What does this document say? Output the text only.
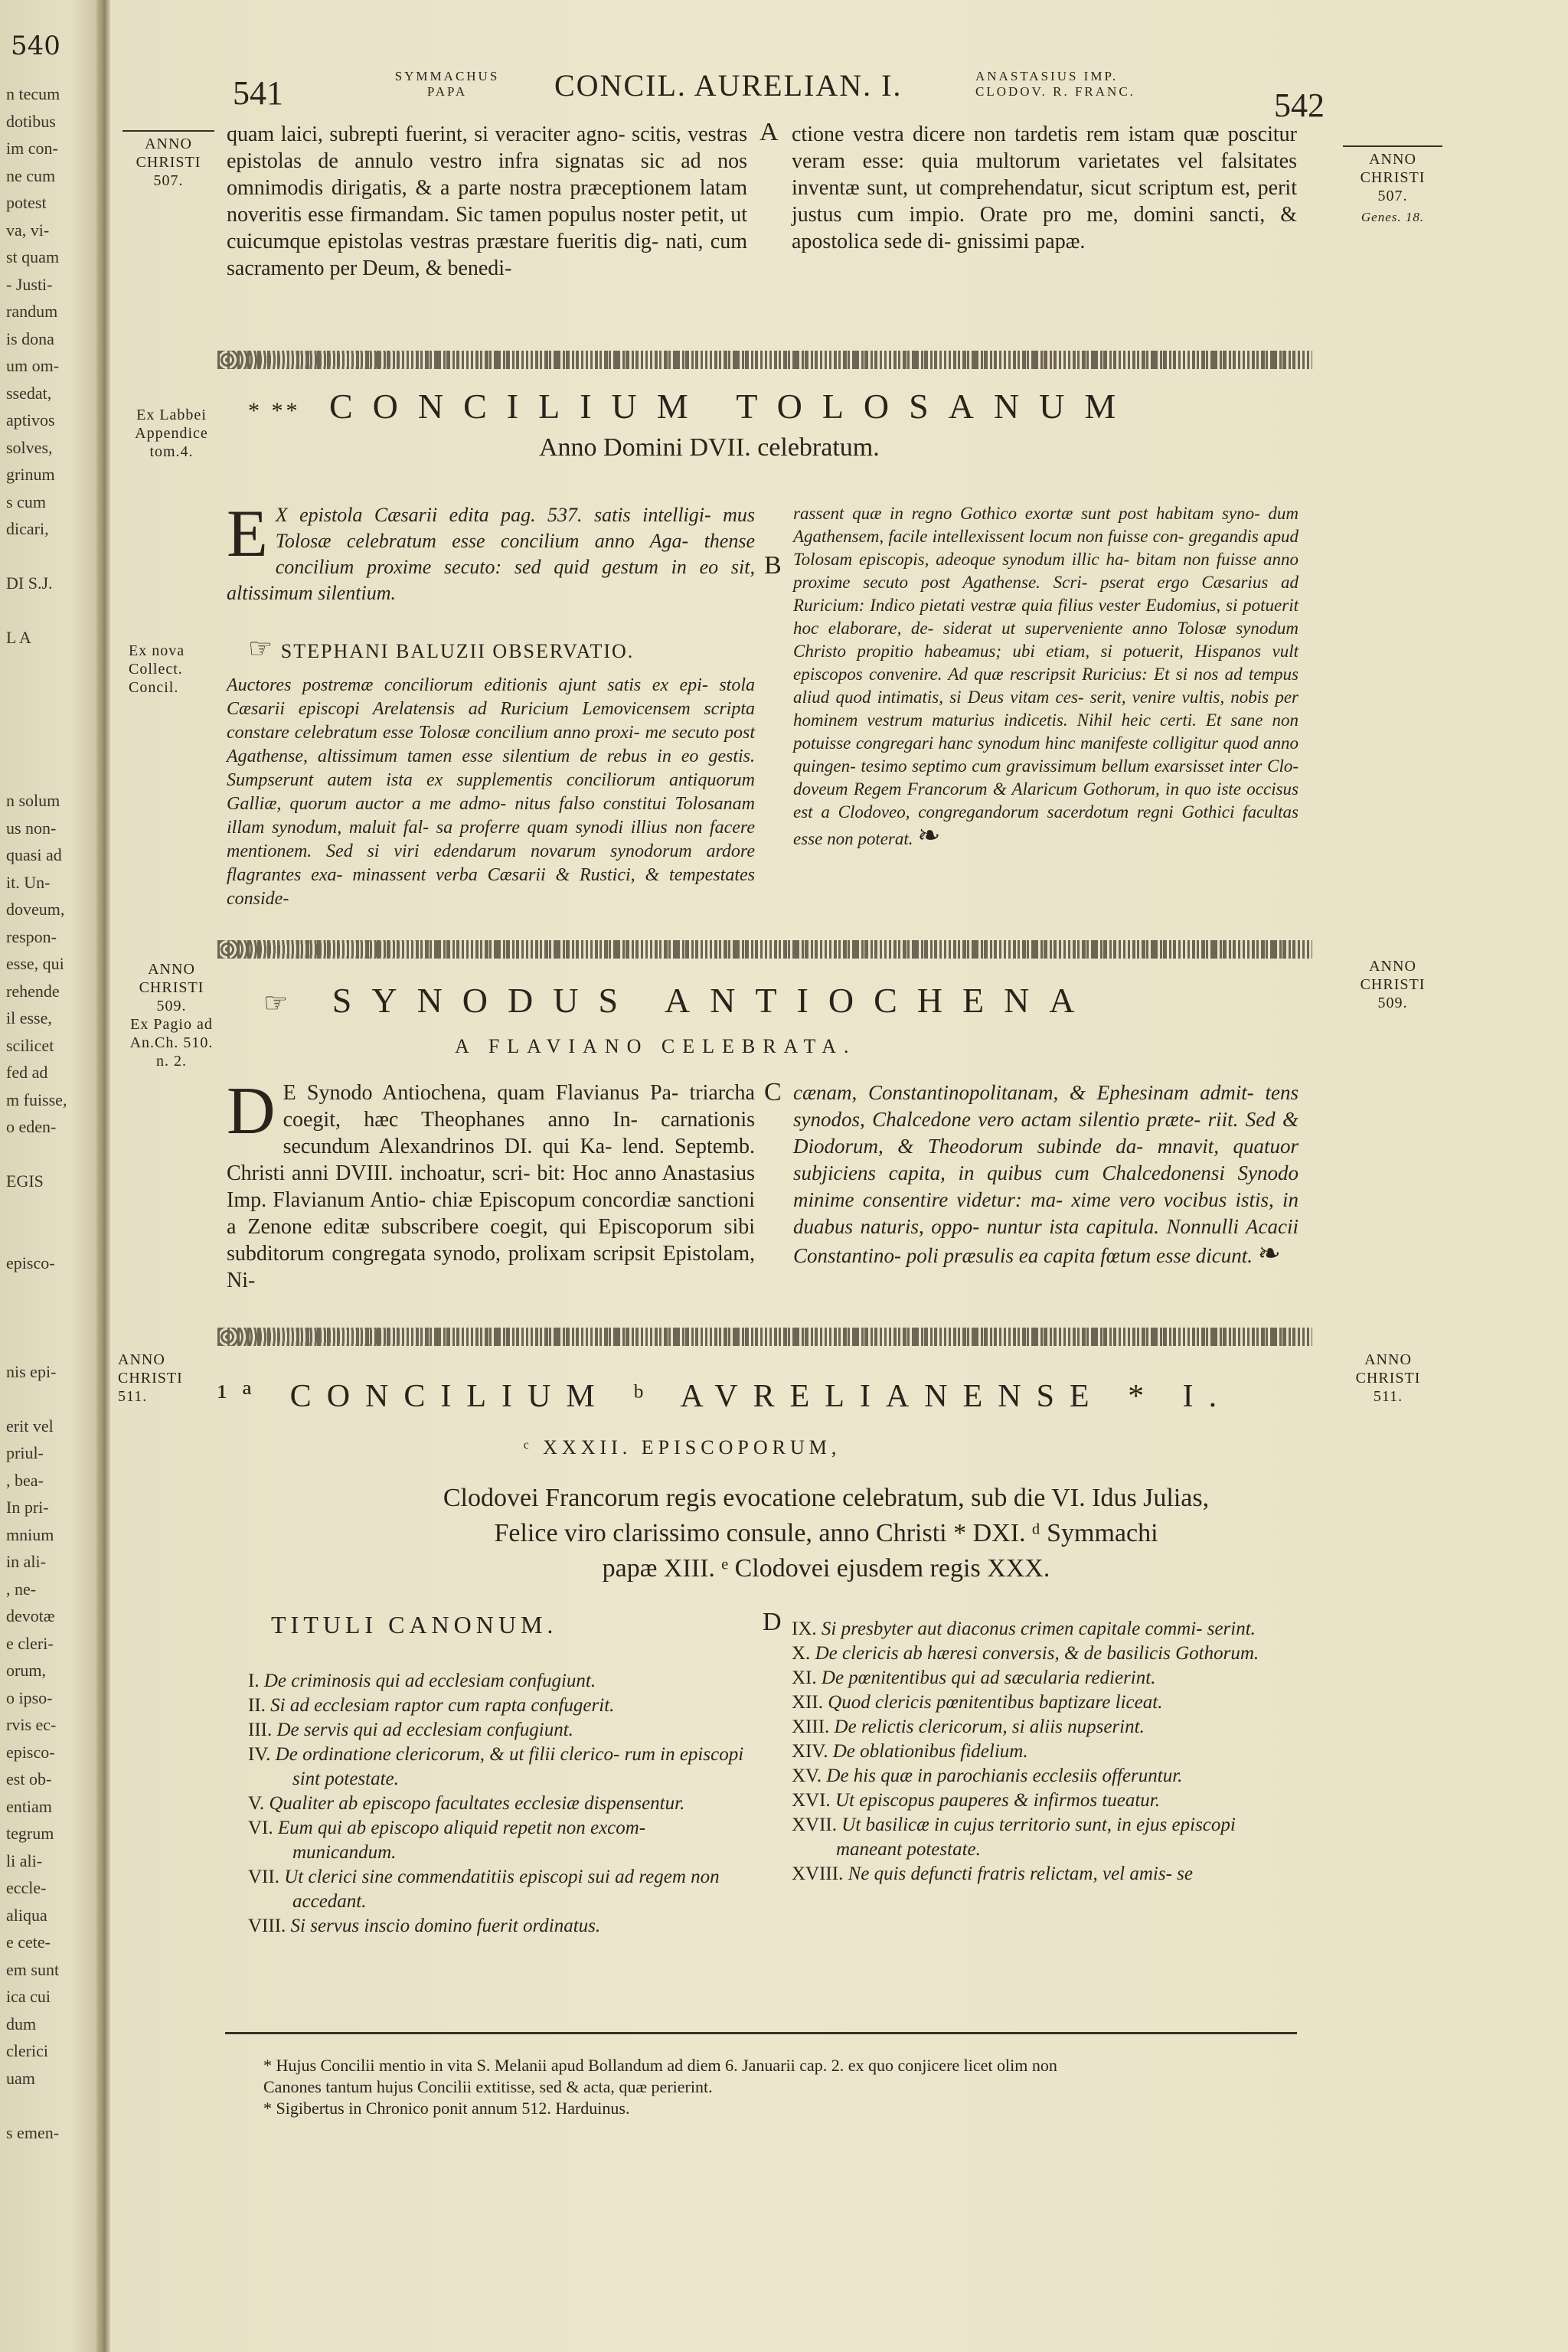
540
n tecum
dotibus
im con-
ne cum
potest
va, vi-
st quam
- Justi-
randum
is dona
um om-
ssedat,
aptivos
solves,
grinum
s cum
dicari,
DI S.J.
L A
n solum
us non-
quasi ad
it. Un-
doveum,
respon-
esse, qui
rehende
il esse,
scilicet
fed ad
m fuisse,
o eden-
EGIS
episco-
nis epi-
erit vel
priul-
, bea-
In pri-
mnium
in ali-
, ne-
devotæ
e cleri-
orum,
o ipso-
rvis ec-
episco-
est ob-
entiam
tegrum
li ali-
eccle-
aliqua
e cete-
em sunt
ica cui
dum
clerici
uam
s emen-
541	SYMMACHUS
PAPA	CONCIL. AURELIAN. I.	ANASTASIUS IMP.
CLODOV. R. FRANC.	542
ANNO
CHRISTI
507.
ANNO
CHRISTI
507.
Genes. 18.
quam laici, subrepti fuerint, si veraciter agno- scitis, vestras epistolas de annulo vestro infra signatas sic ad nos omnimodis dirigatis, & a parte nostra præceptionem latam noveritis esse firmandam. Sic tamen populus noster petit, ut cuicumque epistolas vestras præstare fueritis dig- nati, cum sacramento per Deum, & benedi-
A ctione vestra dicere non tardetis rem istam quæ poscitur veram esse: quia multorum varietates vel falsitates inventæ sunt, ut comprehendatur, sicut scriptum est, perit justus cum impio. Orate pro me, domini sancti, & apostolica sede di- gnissimi papæ.
Ex Labbei
Appendice
tom.4.
* ** CONCILIUM TOLOSANUM
Anno Domini DVII. celebratum.
E X epistola Cæsarii edita pag. 537. satis intelligi- mus Tolosæ celebratum esse concilium anno Aga- thense concilium proxime secuto: sed quid gestum in eo sit, altissimum silentium.
Ex nova
Collect.
Concil.
☞ STEPHANI BALUZII OBSERVATIO.
Auctores postremæ conciliorum editionis ajunt satis ex epi- stola Cæsarii episcopi Arelatensis ad Ruricium Lemovicensem scripta constare celebratum esse Tolosæ concilium anno proxi- me secuto post Agathense, altissimum tamen esse silentium de rebus in eo gestis. Sumpserunt autem ista ex supplementis conciliorum antiquorum Galliæ, quorum auctor a me admo- nitus falso constitui Tolosanam illam synodum, maluit fal- sa proferre quam synodi illius non facere mentionem. Sed si viri edendarum novarum synodorum ardore flagrantes exa- minassent verba Cæsarii & Rustici, & tempestates conside-
B
rassent quæ in regno Gothico exortæ sunt post habitam syno- dum Agathensem, facile intellexissent locum non fuisse con- gregandis apud Tolosam episcopis, adeoque synodum illic ha- bitam non fuisse anno proxime secuto post Agathense. Scri- pserat ergo Cæsarius ad Ruricium: Indico pietati vestræ quia filius vester Eudomius, si potuerit hoc elaborare, de- siderat ut superveniente anno Tolosæ synodum Christo propitio habeamus; ubi etiam, si potuerit, Hispanos vult episcopos convenire. Ad quæ rescripsit Ruricius: Et si nos ad tempus aliud quod intimatis, si Deus vitam ces- serit, venire vultis, nobis per hominem vestrum maturius indicetis. Nihil heic certi. Et sane non potuisse congregari hanc synodum hinc manifeste colligitur quod anno quingen- tesimo septimo cum gravissimum bellum exarsisset inter Clo- doveum Regem Francorum & Alaricum Gothorum, in quo iste occisus est a Clodoveo, congregandorum sacerdotum regni Gothici facultas esse non poterat. ❧
ANNO
CHRISTI
509.
Ex Pagio ad
An.Ch. 510.
n. 2.
ANNO
CHRISTI
509.
☞ SYNODUS ANTIOCHENA
A FLAVIANO CELEBRATA.
D E Synodo Antiochena, quam Flavianus Pa- triarcha coegit, hæc Theophanes anno In- carnationis secundum Alexandrinos DI. qui Ka- lend. Septemb. Christi anni DVIII. inchoatur, scri- bit: Hoc anno Anastasius Imp. Flavianum Antio- chiæ Episcopum concordiæ sanctioni a Zenone editæ subscribere coegit, qui Episcoporum sibi subditorum congregata synodo, prolixam scripsit Epistolam, Ni-
C cænam, Constantinopolitanam, & Ephesinam admit- tens synodos, Chalcedone vero actam silentio præte- riit. Sed & Diodorum, & Theodorum subinde da- mnavit, quatuor subjiciens capita, in quibus cum Chalcedonensi Synodo minime consentire videtur: ma- xime vero vocibus istis, in duabus naturis, oppo- nuntur ista capitula. Nonnulli Acacii Constantino- poli præsulis ea capita fœtum esse dicunt. ❧
ANNO
CHRISTI
511.
ANNO
CHRISTI
511.
¹ª CONCILIUM ᵇ AVRELIANENSE * I.
ᶜ XXXII. EPISCOPORUM,
Clodovei Francorum regis evocatione celebratum, sub die VI. Idus Julias,
Felice viro clarissimo consule, anno Christi * DXI. ᵈ Symmachi
papæ XIII. ᵉ Clodovei ejusdem regis XXX.
TITULI CANONUM.	D
I. De criminosis qui ad ecclesiam confugiunt.
II. Si ad ecclesiam raptor cum rapta confugerit.
III. De servis qui ad ecclesiam confugiunt.
IV. De ordinatione clericorum, & ut filii clerico- rum in episcopi sint potestate.
V. Qualiter ab episcopo facultates ecclesiæ dispensentur.
VI. Eum qui ab episcopo aliquid repetit non excom- municandum.
VII. Ut clerici sine commendatitiis episcopi sui ad regem non accedant.
VIII. Si servus inscio domino fuerit ordinatus.
IX. Si presbyter aut diaconus crimen capitale commi- serint.
X. De clericis ab hæresi conversis, & de basilicis Gothorum.
XI. De pœnitentibus qui ad sæcularia redierint.
XII. Quod clericis pœnitentibus baptizare liceat.
XIII. De relictis clericorum, si aliis nupserint.
XIV. De oblationibus fidelium.
XV. De his quæ in parochianis ecclesiis offeruntur.
XVI. Ut episcopus pauperes & infirmos tueatur.
XVII. Ut basilicæ in cujus territorio sunt, in ejus episcopi maneant potestate.
XVIII. Ne quis defuncti fratris relictam, vel amis- se
* Hujus Concilii mentio in vita S. Melanii apud Bollandum ad diem 6. Januarii cap. 2. ex quo conjicere licet olim non
Canones tantum hujus Concilii extitisse, sed & acta, quæ perierint.
* Sigibertus in Chronico ponit annum 512. Harduinus.
